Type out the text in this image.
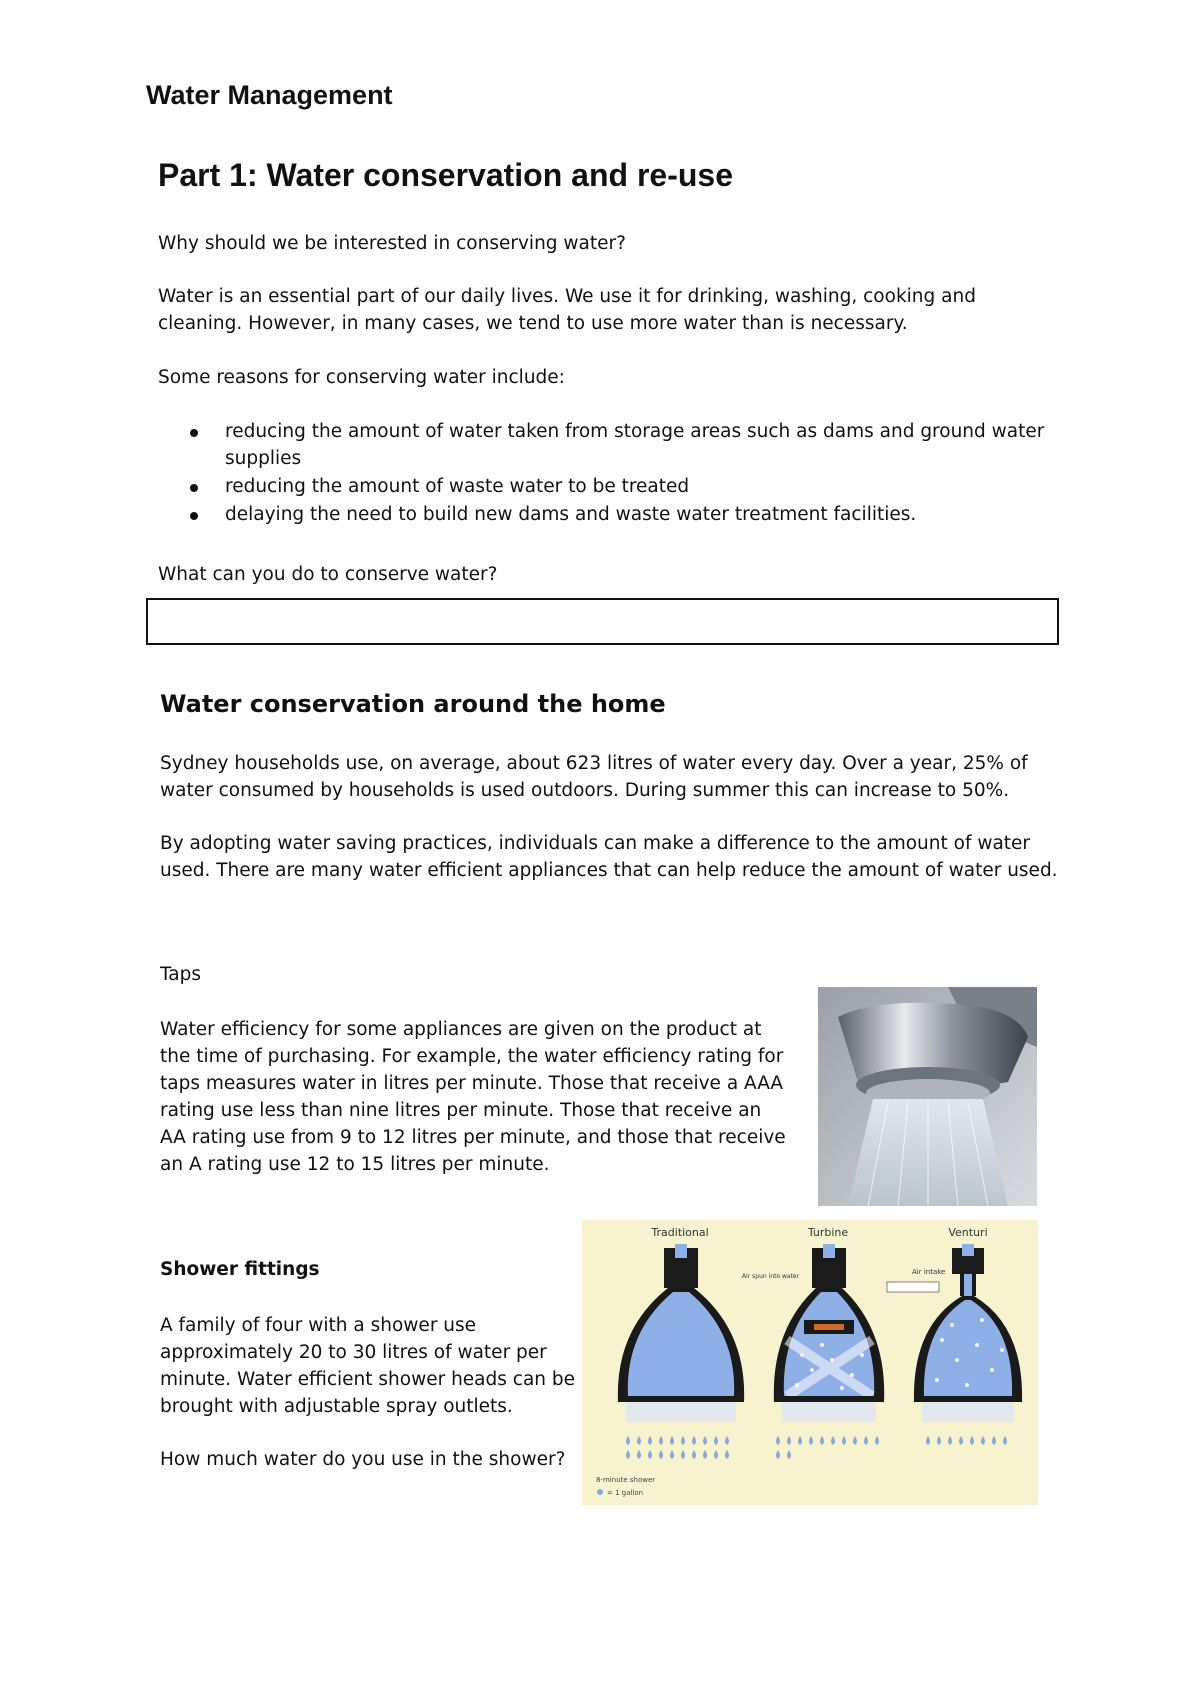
Water Management
Part 1: Water conservation and re-use
Why should we be interested in conserving water?
Water is an essential part of our daily lives. We use it for drinking, washing, cooking and cleaning. However, in many cases, we tend to use more water than is necessary.
Some reasons for conserving water include:
reducing the amount of water taken from storage areas such as dams and ground water supplies
reducing the amount of waste water to be treated
delaying the need to build new dams and waste water treatment facilities.
What can you do to conserve water?
Water conservation around the home
Sydney households use, on average, about 623 litres of water every day. Over a year, 25% of water consumed by households is used outdoors. During summer this can increase to 50%.
By adopting water saving practices, individuals can make a difference to the amount of water used. There are many water efficient appliances that can help reduce the amount of water used.
Taps
Water efficiency for some appliances are given on the product at the time of purchasing. For example, the water efficiency rating for taps measures water in litres per minute. Those that receive a AAA rating use less than nine litres per minute. Those that receive an AA rating use from 9 to 12 litres per minute, and those that receive an A rating use 12 to 15 litres per minute.
Shower fittings
A family of four with a shower use approximately 20 to 30 litres of water per minute. Water efficient shower heads can be brought with adjustable spray outlets.
How much water do you use in the shower?
Traditional	Turbine	Venturi
Air spun into water
Air intake
8-minute shower
= 1 gallon
